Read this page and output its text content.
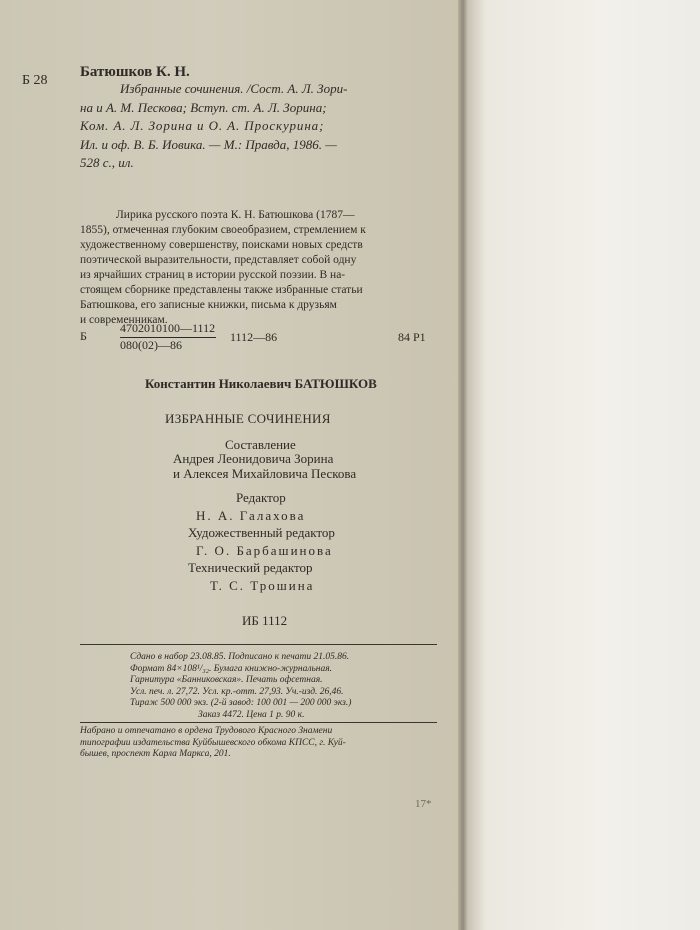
Б 28
Батюшков К. Н.
Избранные сочинения. /Сост. А. Л. Зори-
на и А. М. Пескова; Вступ. ст. А. Л. Зорина;
Ком. А. Л. Зорина и О. А. Проскурина;
Ил. и оф. В. Б. Иовика. — М.: Правда, 1986. —
528 с., ил.
Лирика русского поэта К. Н. Батюшкова (1787—
1855), отмеченная глубоким своеобразием, стремлением к
художественному совершенству, поисками новых средств
поэтической выразительности, представляет собой одну
из ярчайших страниц в истории русской поэзии. В на-
стоящем сборнике представлены также избранные статьи
Батюшкова, его записные книжки, письма к друзьям
и современникам.
Б
4702010100—1112
080(02)—86
1112—86	84 Р1
Константин Николаевич БАТЮШКОВ
ИЗБРАННЫЕ СОЧИНЕНИЯ
Составление
Андрея Леонидовича Зорина
и Алексея Михайловича Пескова
Редактор
Н. А. Галахова
Художественный редактор
Г. О. Барбашинова
Технический редактор
Т. С. Трошина
ИБ 1112
Сдано в набор 23.08.85. Подписано к печати 21.05.86.
Формат 84×108¹/₃₂. Бумага книжно-журнальная.
Гарнитура «Банниковская». Печать офсетная.
Усл. печ. л. 27,72. Усл. кр.-отт. 27,93. Уч.-изд. 26,46.
Тираж 500 000 экз. (2-й завод: 100 001 — 200 000 экз.)
Заказ 4472. Цена 1 р. 90 к.
Набрано и отпечатано в ордена Трудового Красного Знамени
типографии издательства Куйбышевского обкома КПСС, г. Куй-
бышев, проспект Карла Маркса, 201.
17*
